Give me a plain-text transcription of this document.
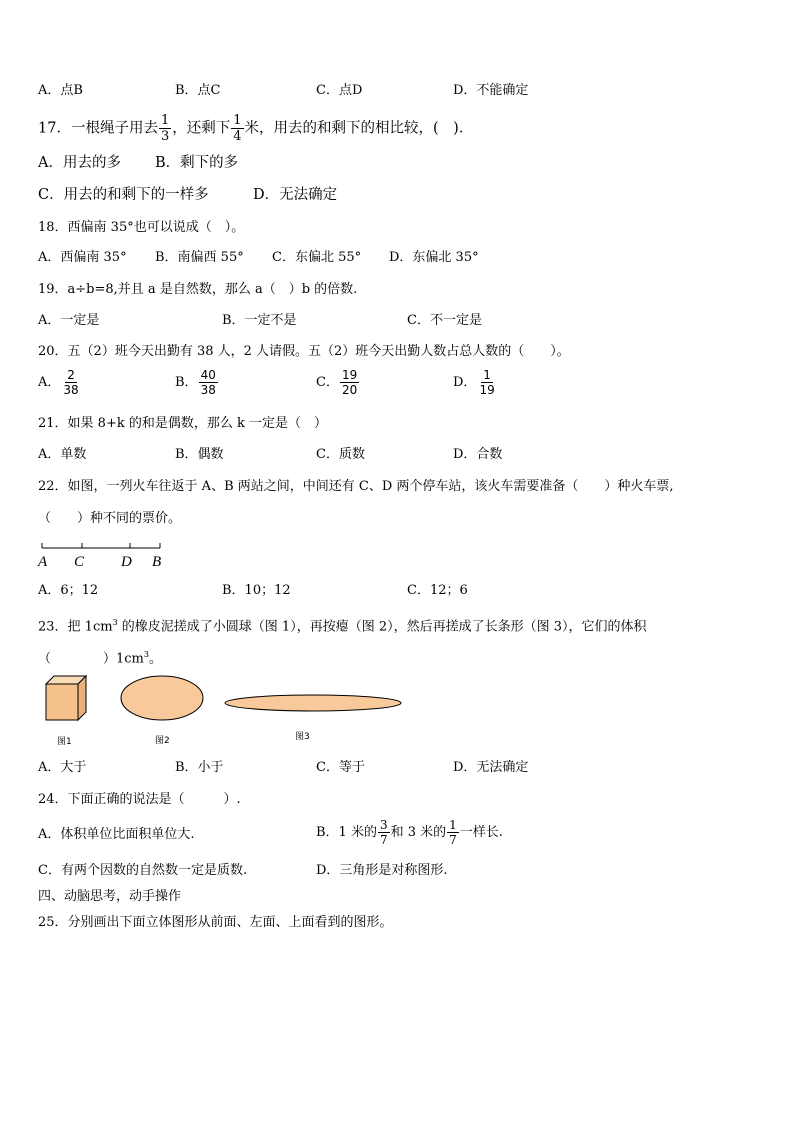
A．点B	B．点C	C．点D	D．不能确定
17．一根绳子用去 $\frac{1}{3}$ ，还剩下 $\frac{1}{4}$ 米，用去的和剩下的相比较，(　)．
A．用去的多 B．剩下的多
C．用去的和剩下的一样多	D．无法确定
18．西偏南 35°也可以说成（　）。
A．西偏南 35° B．南偏西 55° C．东偏北 55° D．东偏北 35°
19．a÷b=8,并且 a 是自然数，那么 a（　）b 的倍数.
A．一定是	B．一定不是	C．不一定是
20．五（2）班今天出勤有 38 人，2 人请假。五（2）班今天出勤人数占总人数的（　　）。
A． $\frac{2}{38}$	B． $\frac{40}{38}$	C． $\frac{19}{20}$	D． $\frac{1}{19}$
21．如果 8+k 的和是偶数，那么 k 一定是（　）
A．单数	B．偶数	C．质数	D．合数
22．如图，一列火车往返于 A、B 两站之间，中间还有 C、D 两个停车站，该火车需要准备（　　）种火车票,
（　　）种不同的票价。
A C D B
A．6；12	B．10；12	C．12；6
23．把 $1cm^3$ 的橡皮泥搓成了小圆球（图 1），再按瘪（图 2），然后再搓成了长条形（图 3），它们的体积
（　　　　）$1cm^3$。
图1	图2	图3
A．大于	B．小于	C．等于	D．无法确定
24．下面正确的说法是（　　　）.
A．体积单位比面积单位大.	B．1 米的 $\frac{3}{7}$ 和 3 米的 $\frac{1}{7}$ 一样长.
C．有两个因数的自然数一定是质数.	D．三角形是对称图形.
四、动脑思考，动手操作
25．分别画出下面立体图形从前面、左面、上面看到的图形。
